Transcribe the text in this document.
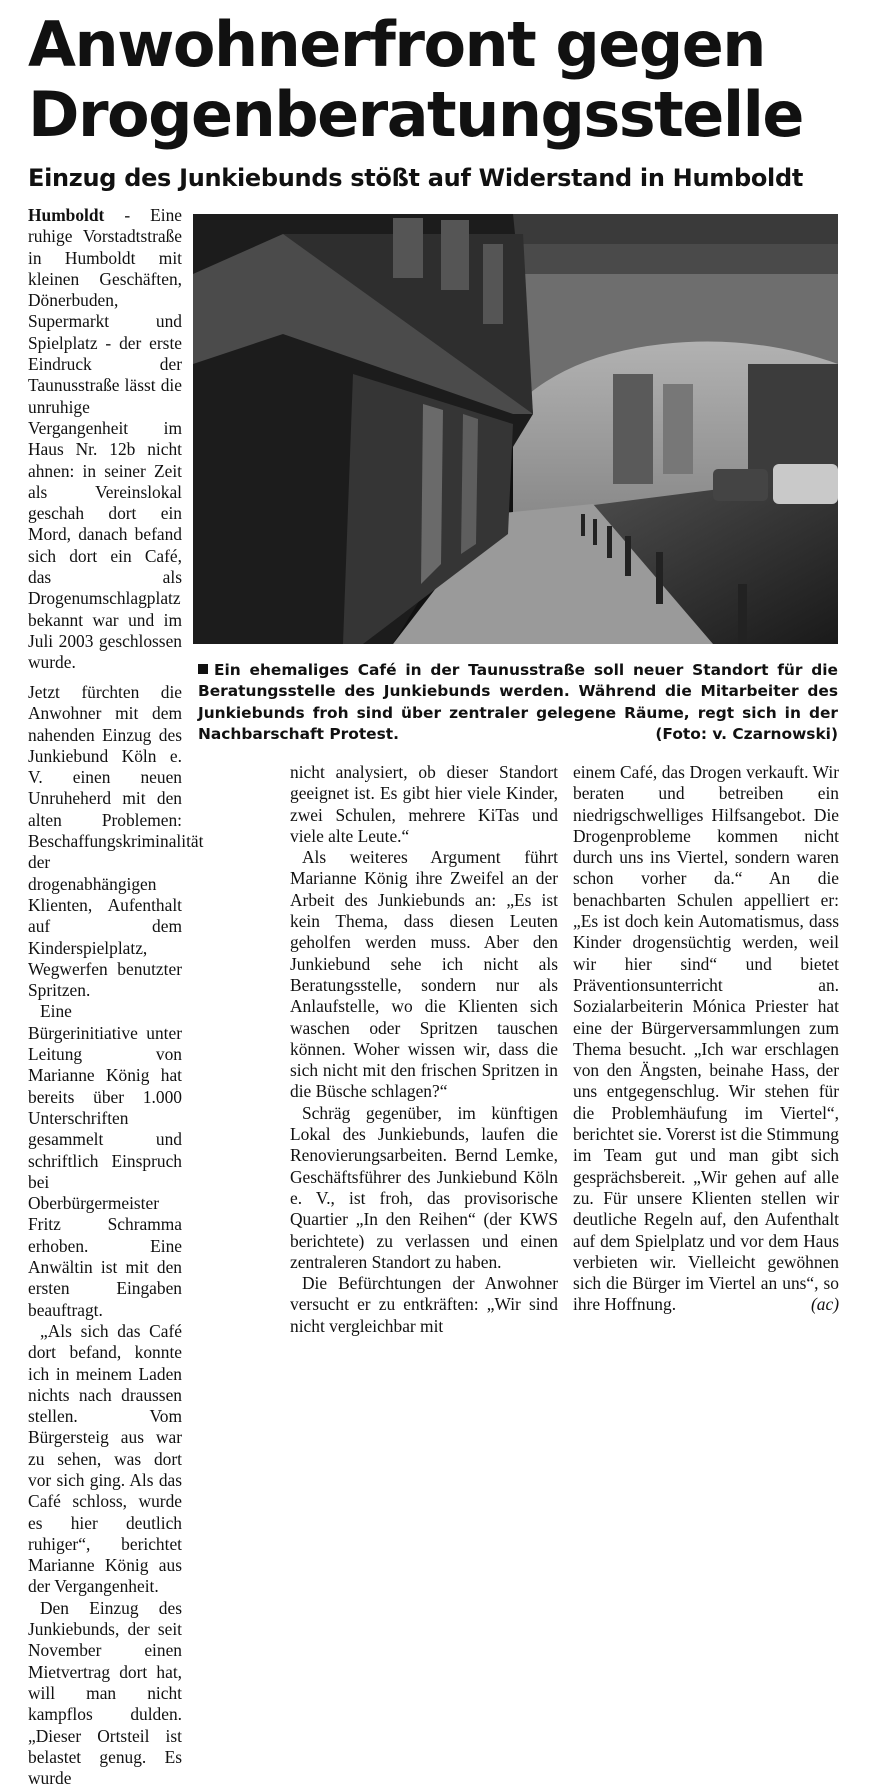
Anwohnerfront gegen
Drogenberatungsstelle
Einzug des Junkiebunds stößt auf Widerstand in Humboldt

Humboldt - Eine ruhige Vorstadtstraße in Humboldt mit kleinen Geschäften, Dönerbuden, Supermarkt und Spielplatz - der erste Eindruck der Taunusstraße lässt die unruhige Vergangenheit im Haus Nr. 12b nicht ahnen: in seiner Zeit als Vereinslokal geschah dort ein Mord, danach befand sich dort ein Café, das als Drogenumschlagplatz bekannt war und im Juli 2003 geschlossen wurde.	Ein ehemaliges Café in der Taunusstraße soll neuer Standort für die Beratungsstelle des Junkiebunds werden. Während die Mitarbeiter des Junkiebunds froh sind über zentraler gelegene Räume, regt sich in der Nachbarschaft Protest.	(Foto: v. Czarnowski)

Jetzt fürchten die Anwohner mit dem nahenden Einzug des Junkiebund Köln e. V. einen neuen Unruheherd mit den alten Problemen: Beschaffungskriminalität der drogenabhängigen Klienten, Aufenthalt auf dem Kinderspielplatz, Wegwerfen benutzter Spritzen.

Eine Bürgerinitiative unter Leitung von Marianne König hat bereits über 1.000 Unterschriften gesammelt und schriftlich Einspruch bei Oberbürgermeister Fritz Schramma erhoben. Eine Anwältin ist mit den ersten Eingaben beauftragt.

„Als sich das Café dort befand, konnte ich in meinem Laden nichts nach draussen stellen. Vom Bürgersteig aus war zu sehen, was dort vor sich ging. Als das Café schloss, wurde es hier deutlich ruhiger“, berichtet Marianne König aus der Vergangenheit.

Den Einzug des Junkiebunds, der seit November einen Mietvertrag dort hat, will man nicht kampflos dulden. „Dieser Ortsteil ist belastet genug. Es wurde

nicht analysiert, ob dieser Standort geeignet ist. Es gibt hier viele Kinder, zwei Schulen, mehrere KiTas und viele alte Leute.“

Als weiteres Argument führt Marianne König ihre Zweifel an der Arbeit des Junkiebunds an: „Es ist kein Thema, dass diesen Leuten geholfen werden muss. Aber den Junkiebund sehe ich nicht als Beratungsstelle, sondern nur als Anlaufstelle, wo die Klienten sich waschen oder Spritzen tauschen können. Woher wissen wir, dass die sich nicht mit den frischen Spritzen in die Büsche schlagen?“

Schräg gegenüber, im künftigen Lokal des Junkiebunds, laufen die Renovierungsarbeiten. Bernd Lemke, Geschäftsführer des Junkiebund Köln e. V., ist froh, das provisorische Quartier „In den Reihen“ (der KWS berichtete) zu verlassen und einen zentraleren Standort zu haben.

Die Befürchtungen der Anwohner versucht er zu entkräften: „Wir sind nicht vergleichbar mit

einem Café, das Drogen verkauft. Wir beraten und betreiben ein niedrigschwelliges Hilfsangebot. Die Drogenprobleme kommen nicht durch uns ins Viertel, sondern waren schon vorher da.“ An die benachbarten Schulen appelliert er: „Es ist doch kein Automatismus, dass Kinder drogensüchtig werden, weil wir hier sind“ und bietet Präventionsunterricht an. Sozialarbeiterin Mónica Priester hat eine der Bürgerversammlungen zum Thema besucht. „Ich war erschlagen von den Ängsten, beinahe Hass, der uns entgegenschlug. Wir stehen für die Problemhäufung im Viertel“, berichtet sie. Vorerst ist die Stimmung im Team gut und man gibt sich gesprächsbereit. „Wir gehen auf alle zu. Für unsere Klienten stellen wir deutliche Regeln auf, den Aufenthalt auf dem Spielplatz und vor dem Haus verbieten wir. Vielleicht gewöhnen sich die Bürger im Viertel an uns“, so ihre Hoffnung.	(ac)
